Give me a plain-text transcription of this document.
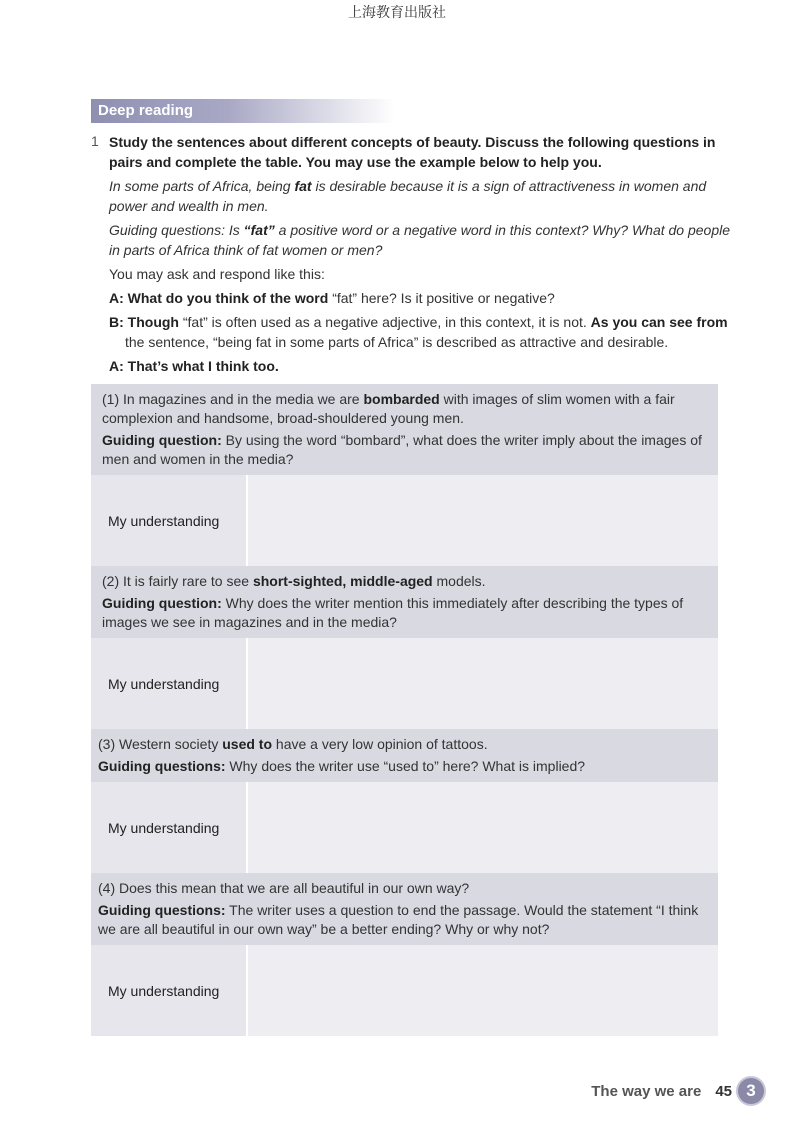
上海教育出版社
Deep reading
1 Study the sentences about different concepts of beauty. Discuss the following questions in pairs and complete the table. You may use the example below to help you.

In some parts of Africa, being fat is desirable because it is a sign of attractiveness in women and power and wealth in men.

Guiding questions: Is “fat” a positive word or a negative word in this context? Why? What do people in parts of Africa think of fat women or men?

You may ask and respond like this:

A: What do you think of the word “fat” here? Is it positive or negative?

B: Though “fat” is often used as a negative adjective, in this context, it is not. As you can see from the sentence, “being fat in some parts of Africa” is described as attractive and desirable.

A: That’s what I think too.

(1) In magazines and in the media we are bombarded with images of slim women with a fair complexion and handsome, broad-shouldered young men.

Guiding question: By using the word “bombard”, what does the writer imply about the images of men and women in the media?

My understanding

(2) It is fairly rare to see short-sighted, middle-aged models.

Guiding question: Why does the writer mention this immediately after describing the types of images we see in magazines and in the media?

My understanding

(3) Western society used to have a very low opinion of tattoos.

Guiding questions: Why does the writer use “used to” here? What is implied?

My understanding

(4) Does this mean that we are all beautiful in our own way?

Guiding questions: The writer uses a question to end the passage. Would the statement “I think we are all beautiful in our own way” be a better ending? Why or why not?

My understanding
The way we are 45 3
